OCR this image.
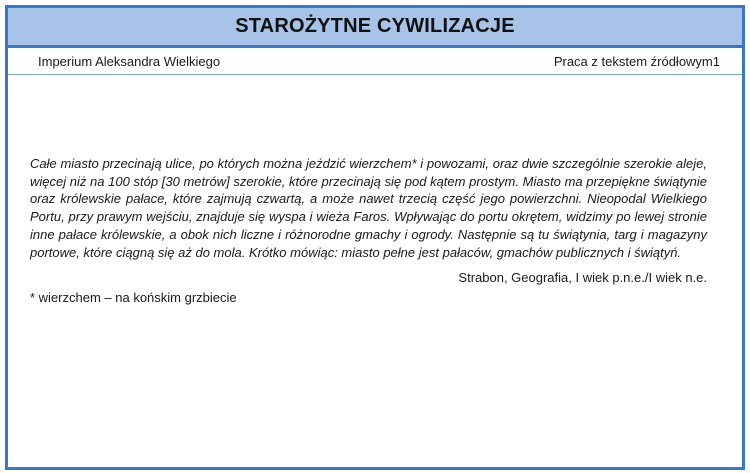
STAROŻYTNE CYWILIZACJE
Imperium Aleksandra Wielkiego	Praca z tekstem źródłowym1

Całe miasto przecinają ulice, po których można jeździć wierzchem* i powozami, oraz dwie szczególnie szerokie aleje, więcej niż na 100 stóp [30 metrów] szerokie, które przecinają się pod kątem prostym. Miasto ma przepiękne świątynie oraz królewskie pałace, które zajmują czwartą, a może nawet trzecią część jego powierzchni. Nieopodal Wielkiego Portu, przy prawym wejściu, znajduje się wyspa i wieża Faros. Wpływając do portu okrętem, widzimy po lewej stronie inne pałace królewskie, a obok nich liczne i różnorodne gmachy i ogrody. Następnie są tu świątynia, targ i magazyny portowe, które ciągną się aż do mola. Krótko mówiąc: miasto pełne jest pałaców, gmachów publicznych i świątyń.

Strabon, Geografia, I wiek p.n.e./I wiek n.e.

* wierzchem – na końskim grzbiecie
